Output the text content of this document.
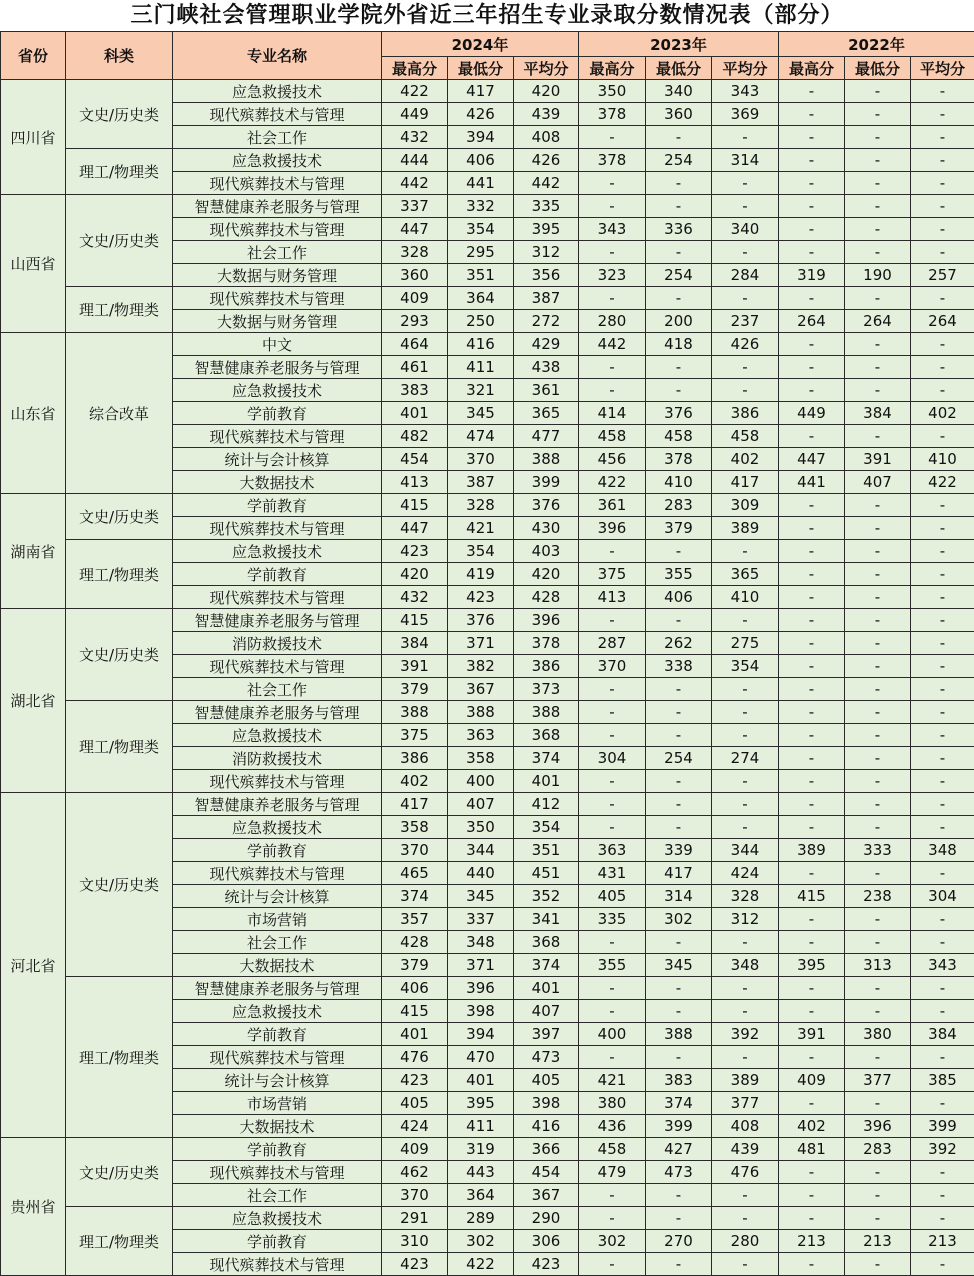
三门峡社会管理职业学院外省近三年招生专业录取分数情况表（部分）
省份	科类	专业名称	2024年			2023年			2022年		
			最高分	最低分	平均分	最高分	最低分	平均分	最高分	最低分	平均分
四川省	文史/历史类	应急救援技术	422	417	420	350	340	343	-	-	-
		现代殡葬技术与管理	449	426	439	378	360	369	-	-	-
		社会工作	432	394	408	-	-	-	-	-	-
	理工/物理类	应急救援技术	444	406	426	378	254	314	-	-	-
		现代殡葬技术与管理	442	441	442	-	-	-	-	-	-
山西省	文史/历史类	智慧健康养老服务与管理	337	332	335	-	-	-	-	-	-
		现代殡葬技术与管理	447	354	395	343	336	340	-	-	-
		社会工作	328	295	312	-	-	-	-	-	-
		大数据与财务管理	360	351	356	323	254	284	319	190	257
	理工/物理类	现代殡葬技术与管理	409	364	387	-	-	-	-	-	-
		大数据与财务管理	293	250	272	280	200	237	264	264	264
山东省	综合改革	中文	464	416	429	442	418	426	-	-	-
		智慧健康养老服务与管理	461	411	438	-	-	-	-	-	-
		应急救援技术	383	321	361	-	-	-	-	-	-
		学前教育	401	345	365	414	376	386	449	384	402
		现代殡葬技术与管理	482	474	477	458	458	458	-	-	-
		统计与会计核算	454	370	388	456	378	402	447	391	410
		大数据技术	413	387	399	422	410	417	441	407	422
湖南省	文史/历史类	学前教育	415	328	376	361	283	309	-	-	-
		现代殡葬技术与管理	447	421	430	396	379	389	-	-	-
	理工/物理类	应急救援技术	423	354	403	-	-	-	-	-	-
		学前教育	420	419	420	375	355	365	-	-	-
		现代殡葬技术与管理	432	423	428	413	406	410	-	-	-
湖北省	文史/历史类	智慧健康养老服务与管理	415	376	396	-	-	-	-	-	-
		消防救援技术	384	371	378	287	262	275	-	-	-
		现代殡葬技术与管理	391	382	386	370	338	354	-	-	-
		社会工作	379	367	373	-	-	-	-	-	-
	理工/物理类	智慧健康养老服务与管理	388	388	388	-	-	-	-	-	-
		应急救援技术	375	363	368	-	-	-	-	-	-
		消防救援技术	386	358	374	304	254	274	-	-	-
		现代殡葬技术与管理	402	400	401	-	-	-	-	-	-
河北省	文史/历史类	智慧健康养老服务与管理	417	407	412	-	-	-	-	-	-
		应急救援技术	358	350	354	-	-	-	-	-	-
		学前教育	370	344	351	363	339	344	389	333	348
		现代殡葬技术与管理	465	440	451	431	417	424	-	-	-
		统计与会计核算	374	345	352	405	314	328	415	238	304
		市场营销	357	337	341	335	302	312	-	-	-
		社会工作	428	348	368	-	-	-	-	-	-
		大数据技术	379	371	374	355	345	348	395	313	343
	理工/物理类	智慧健康养老服务与管理	406	396	401	-	-	-	-	-	-
		应急救援技术	415	398	407	-	-	-	-	-	-
		学前教育	401	394	397	400	388	392	391	380	384
		现代殡葬技术与管理	476	470	473	-	-	-	-	-	-
		统计与会计核算	423	401	405	421	383	389	409	377	385
		市场营销	405	395	398	380	374	377	-	-	-
		大数据技术	424	411	416	436	399	408	402	396	399
贵州省	文史/历史类	学前教育	409	319	366	458	427	439	481	283	392
		现代殡葬技术与管理	462	443	454	479	473	476	-	-	-
		社会工作	370	364	367	-	-	-	-	-	-
	理工/物理类	应急救援技术	291	289	290	-	-	-	-	-	-
		学前教育	310	302	306	302	270	280	213	213	213
		现代殡葬技术与管理	423	422	423	-	-	-	-	-	-
